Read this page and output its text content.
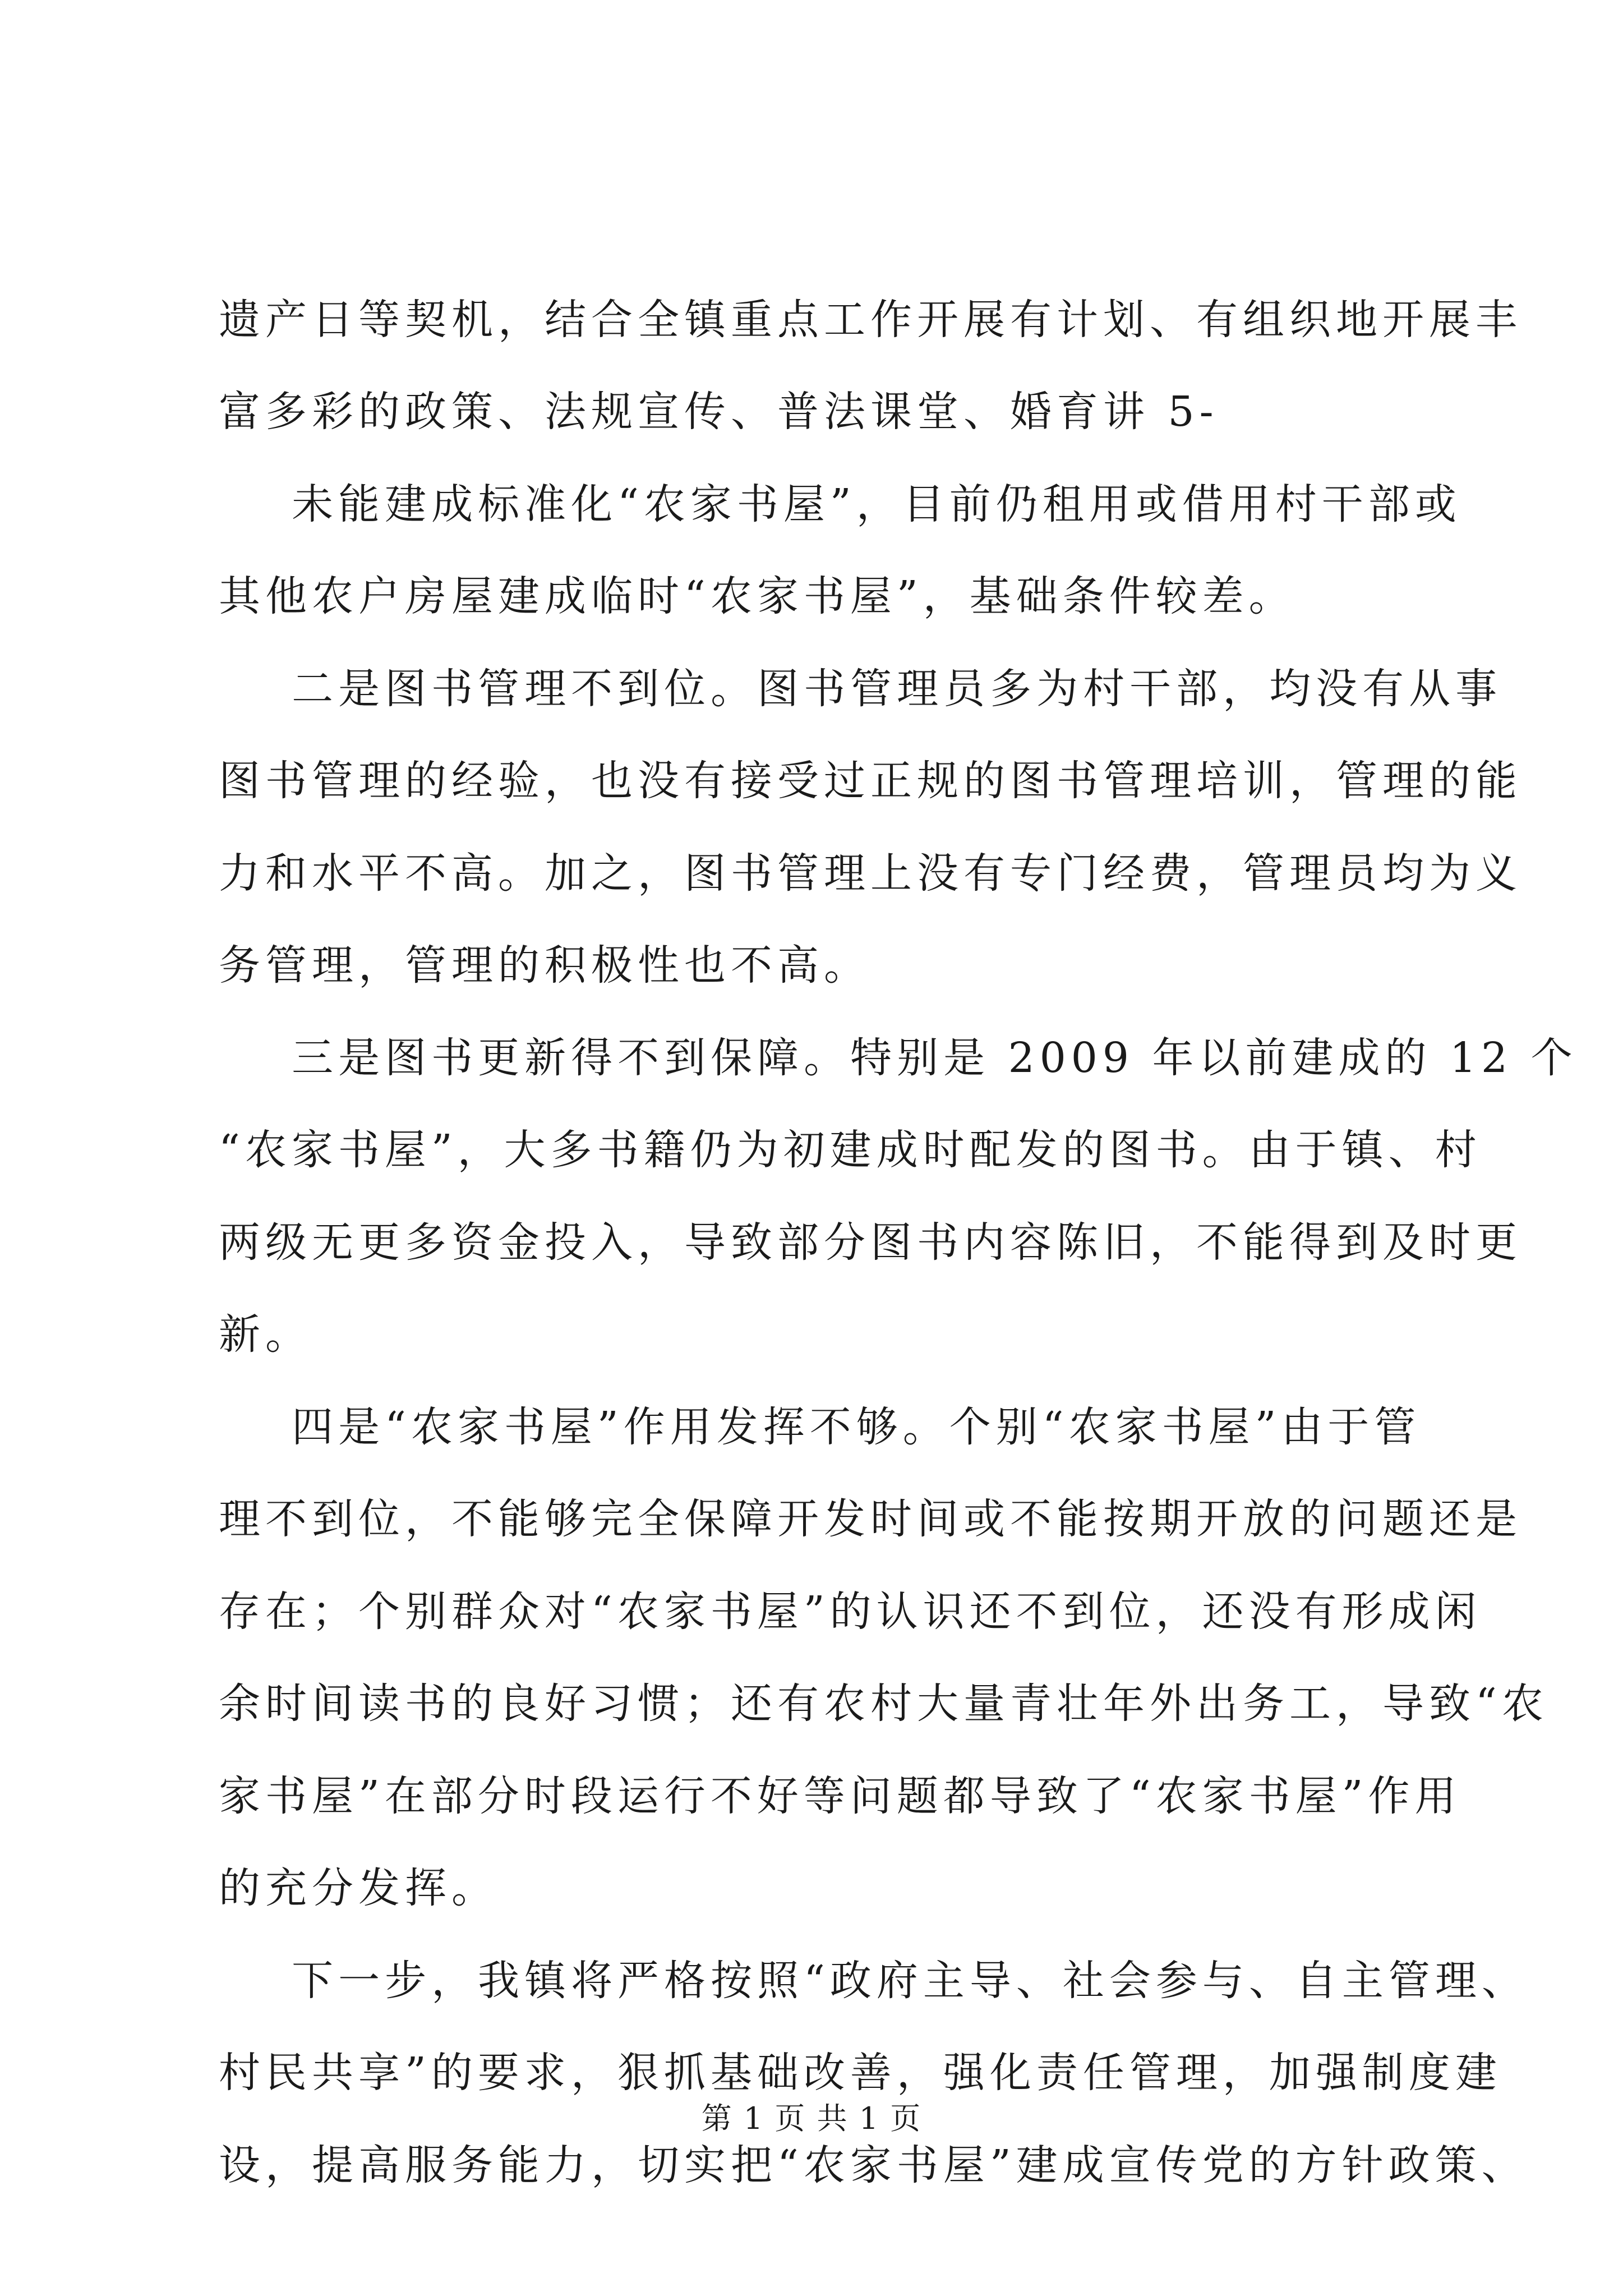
遗产日等契机，结合全镇重点工作开展有计划、有组织地开展丰
富多彩的政策、法规宣传、普法课堂、婚育讲 5-
未能建成标准化“农家书屋”，目前仍租用或借用村干部或
其他农户房屋建成临时“农家书屋”，基础条件较差。
二是图书管理不到位。图书管理员多为村干部，均没有从事
图书管理的经验，也没有接受过正规的图书管理培训，管理的能
力和水平不高。加之，图书管理上没有专门经费，管理员均为义
务管理，管理的积极性也不高。
三是图书更新得不到保障。特别是 2009 年以前建成的 12 个
“农家书屋”，大多书籍仍为初建成时配发的图书。由于镇、村
两级无更多资金投入，导致部分图书内容陈旧，不能得到及时更
新。
四是“农家书屋”作用发挥不够。个别“农家书屋”由于管
理不到位，不能够完全保障开发时间或不能按期开放的问题还是
存在；个别群众对“农家书屋”的认识还不到位，还没有形成闲
余时间读书的良好习惯；还有农村大量青壮年外出务工，导致“农
家书屋”在部分时段运行不好等问题都导致了“农家书屋”作用
的充分发挥。
下一步，我镇将严格按照“政府主导、社会参与、自主管理、
村民共享”的要求，狠抓基础改善，强化责任管理，加强制度建
设，提高服务能力，切实把“农家书屋”建成宣传党的方针政策、
第 1 页 共 1 页
